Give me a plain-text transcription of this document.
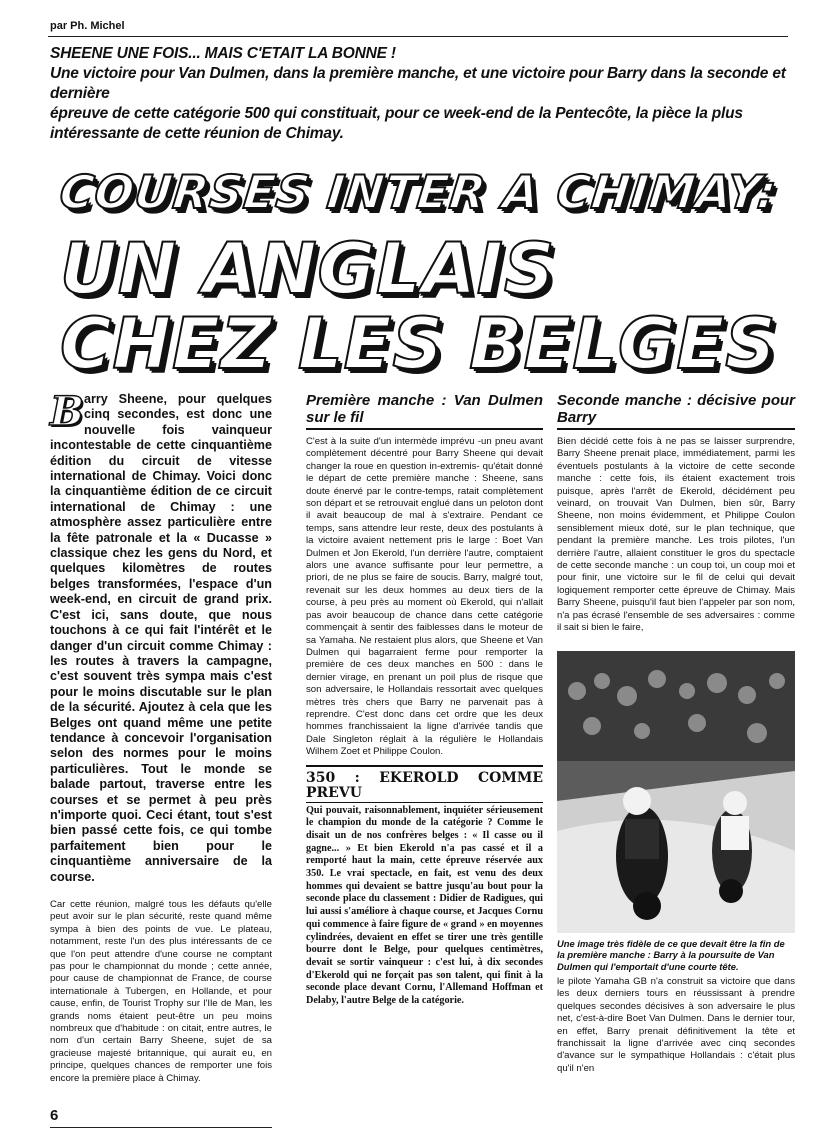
par Ph. Michel
SHEENE UNE FOIS... MAIS C'ETAIT LA BONNE !
Une victoire pour Van Dulmen, dans la première manche, et une victoire pour Barry dans la seconde et dernière
épreuve de cette catégorie 500 qui constituait, pour ce week-end de la Pentecôte, la pièce la plus
intéressante de cette réunion de Chimay.
COURSES INTER A CHIMAY:
UN ANGLAIS
CHEZ LES BELGES
B arry Sheene, pour quelques cinq secondes, est donc une nouvelle fois vainqueur incontestable de cette cinquantième édition du circuit de vitesse international de Chimay. Voici donc la cinquantième édition de ce circuit international de Chimay : une atmosphère assez particulière entre la fête patronale et la « Ducasse » classique chez les gens du Nord, et quelques kilomètres de routes belges transformées, l'espace d'un week-end, en circuit de grand prix. C'est ici, sans doute, que nous touchons à ce qui fait l'intérêt et le danger d'un circuit comme Chimay : les routes à travers la campagne, c'est souvent très sympa mais c'est pour le moins discutable sur le plan de la sécurité. Ajoutez à cela que les Belges ont quand même une petite tendance à concevoir l'organisation selon des normes pour le moins particulières. Tout le monde se balade partout, traverse entre les courses et se permet à peu près n'importe quoi. Ceci étant, tout s'est bien passé cette fois, ce qui tombe parfaitement bien pour le cinquantième anniversaire de la course.
Car cette réunion, malgré tous les défauts qu'elle peut avoir sur le plan sécurité, reste quand même sympa à bien des points de vue. Le plateau, notamment, reste l'un des plus intéressants de ce que l'on peut attendre d'une course ne comptant pas pour le championnat du monde ; cette année, pour cause de championnat de France, de course internationale à Tubergen, en Hollande, et pour cause, enfin, de Tourist Trophy sur l'Ile de Man, les grands noms étaient peut-être un peu moins nombreux que d'habitude : on citait, entre autres, le nom d'un certain Barry Sheene, sujet de sa gracieuse majesté britannique, qui aurait eu, en principe, quelques chances de remporter une fois encore la première place à Chimay.
Première manche : Van Dulmen sur le fil
C'est à la suite d'un intermède imprévu -un pneu avant complètement décentré pour Barry Sheene qui devait changer la roue en question in-extremis- qu'était donné le départ de cette première manche : Sheene, sans doute énervé par le contre-temps, ratait complètement son départ et se retrouvait englué dans un peloton dont il avait beaucoup de mal à s'extraire. Pendant ce temps, sans attendre leur reste, deux des postulants à la victoire avaient nettement pris le large : Boet Van Dulmen et Jon Ekerold, l'un derrière l'autre, comptaient alors une avance suffisante pour leur permettre, a priori, de ne plus se faire de soucis. Barry, malgré tout, revenait sur les deux hommes au deux tiers de la course, à peu près au moment où Ekerold, qui n'allait pas avoir beaucoup de chance dans cette catégorie commençait à sentir des faiblesses dans le moteur de sa Yamaha. Ne restaient plus alors, que Sheene et Van Dulmen qui bagarraient ferme pour remporter la première de ces deux manches en 500 : dans le dernier virage, en prenant un poil plus de risque que son adversaire, le Hollandais ressortait avec quelques mètres très chers que Barry ne parvenait pas à reprendre. C'est donc dans cet ordre que les deux hommes franchissaient la ligne d'arrivée tandis que Dale Singleton réglait à la régulière le Hollandais Wilhem Zoet et Philippe Coulon.
350 : EKEROLD COMME PREVU
Qui pouvait, raisonnablement, inquiéter sérieusement le champion du monde de la catégorie ? Comme le disait un de nos confrères belges : « Il casse ou il gagne... » Et bien Ekerold n'a pas cassé et il a remporté haut la main, cette épreuve réservée aux 350. Le vrai spectacle, en fait, est venu des deux hommes qui devaient se battre jusqu'au bout pour la seconde place du classement : Didier de Radigues, qui lui aussi s'améliore à chaque course, et Jacques Cornu qui commence à faire figure de « grand » en moyennes cylindrées, devaient en effet se tirer une très gentille bourre dont le Belge, pour quelques centimètres, devait se sortir vainqueur : c'est lui, à dix secondes d'Ekerold qui ne forçait pas son talent, qui finit à la seconde place devant Cornu, l'Allemand Hoffman et Delaby, l'autre Belge de la catégorie.
Seconde manche : décisive pour Barry
Bien décidé cette fois à ne pas se laisser surprendre, Barry Sheene prenait place, immédiatement, parmi les éventuels postulants à la victoire de cette seconde manche : cette fois, ils étaient exactement trois puisque, après l'arrêt de Ekerold, décidément peu veinard, on trouvait Van Dulmen, bien sûr, Barry Sheene, non moins évidemment, et Philippe Coulon sensiblement mieux doté, sur le plan technique, que pendant la première manche. Les trois pilotes, l'un derrière l'autre, allaient constituer le gros du spectacle de cette seconde manche : un coup toi, un coup moi et pour finir, une victoire sur le fil de celui qui devait logiquement remporter cette épreuve de Chimay. Mais Barry Sheene, puisqu'il faut bien l'appeler par son nom, n'a pas écrasé l'ensemble de ses adversaires : comme il sait si bien le faire,
Une image très fidèle de ce que devait être la fin de la première manche : Barry à la poursuite de Van Dulmen qui l'emportait d'une courte tête.
le pilote Yamaha GB n'a construit sa victoire que dans les deux derniers tours en réussissant à prendre quelques secondes décisives à son adversaire le plus net, c'est-à-dire Boet Van Dulmen. Dans le dernier tour, en effet, Barry prenait définitivement la tête et franchissait la ligne d'arrivée avec cinq secondes d'avance sur le sympathique Hollandais : c'était plus qu'il n'en
6
